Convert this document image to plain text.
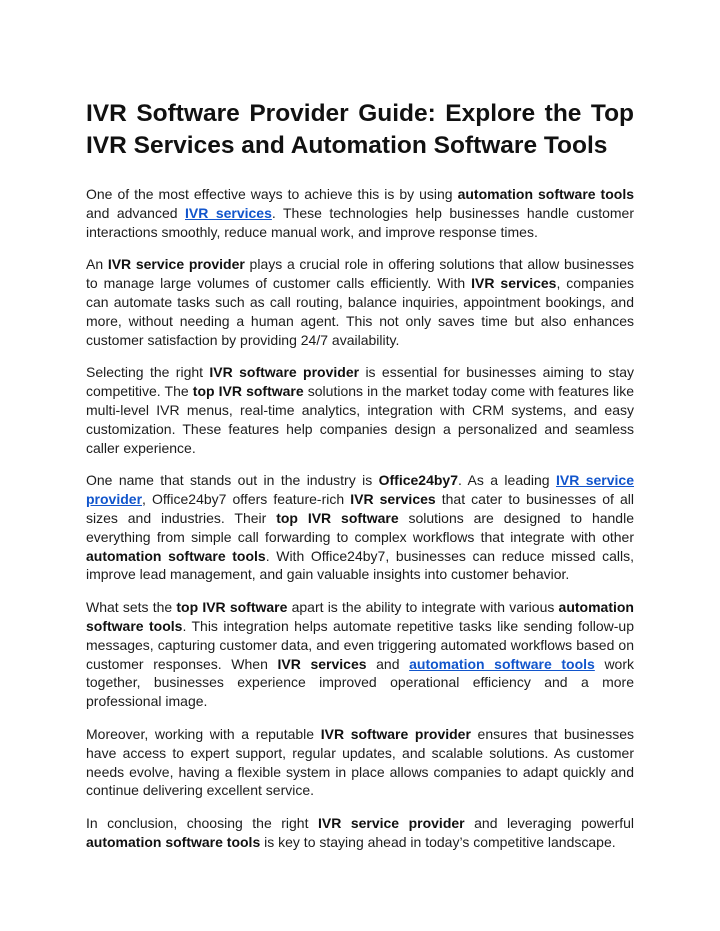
IVR Software Provider Guide: Explore the Top
IVR Services and Automation Software Tools

One of the most effective ways to achieve this is by using automation software tools and advanced IVR services. These technologies help businesses handle customer interactions smoothly, reduce manual work, and improve response times.

An IVR service provider plays a crucial role in offering solutions that allow businesses to manage large volumes of customer calls efficiently. With IVR services, companies can automate tasks such as call routing, balance inquiries, appointment bookings, and more, without needing a human agent. This not only saves time but also enhances customer satisfaction by providing 24/7 availability.

Selecting the right IVR software provider is essential for businesses aiming to stay competitive. The top IVR software solutions in the market today come with features like multi-level IVR menus, real-time analytics, integration with CRM systems, and easy customization. These features help companies design a personalized and seamless caller experience.

One name that stands out in the industry is Office24by7. As a leading IVR service provider, Office24by7 offers feature-rich IVR services that cater to businesses of all sizes and industries. Their top IVR software solutions are designed to handle everything from simple call forwarding to complex workflows that integrate with other automation software tools. With Office24by7, businesses can reduce missed calls, improve lead management, and gain valuable insights into customer behavior.

What sets the top IVR software apart is the ability to integrate with various automation software tools. This integration helps automate repetitive tasks like sending follow-up messages, capturing customer data, and even triggering automated workflows based on customer responses. When IVR services and automation software tools work together, businesses experience improved operational efficiency and a more professional image.

Moreover, working with a reputable IVR software provider ensures that businesses have access to expert support, regular updates, and scalable solutions. As customer needs evolve, having a flexible system in place allows companies to adapt quickly and continue delivering excellent service.

In conclusion, choosing the right IVR service provider and leveraging powerful automation software tools is key to staying ahead in today’s competitive landscape.
